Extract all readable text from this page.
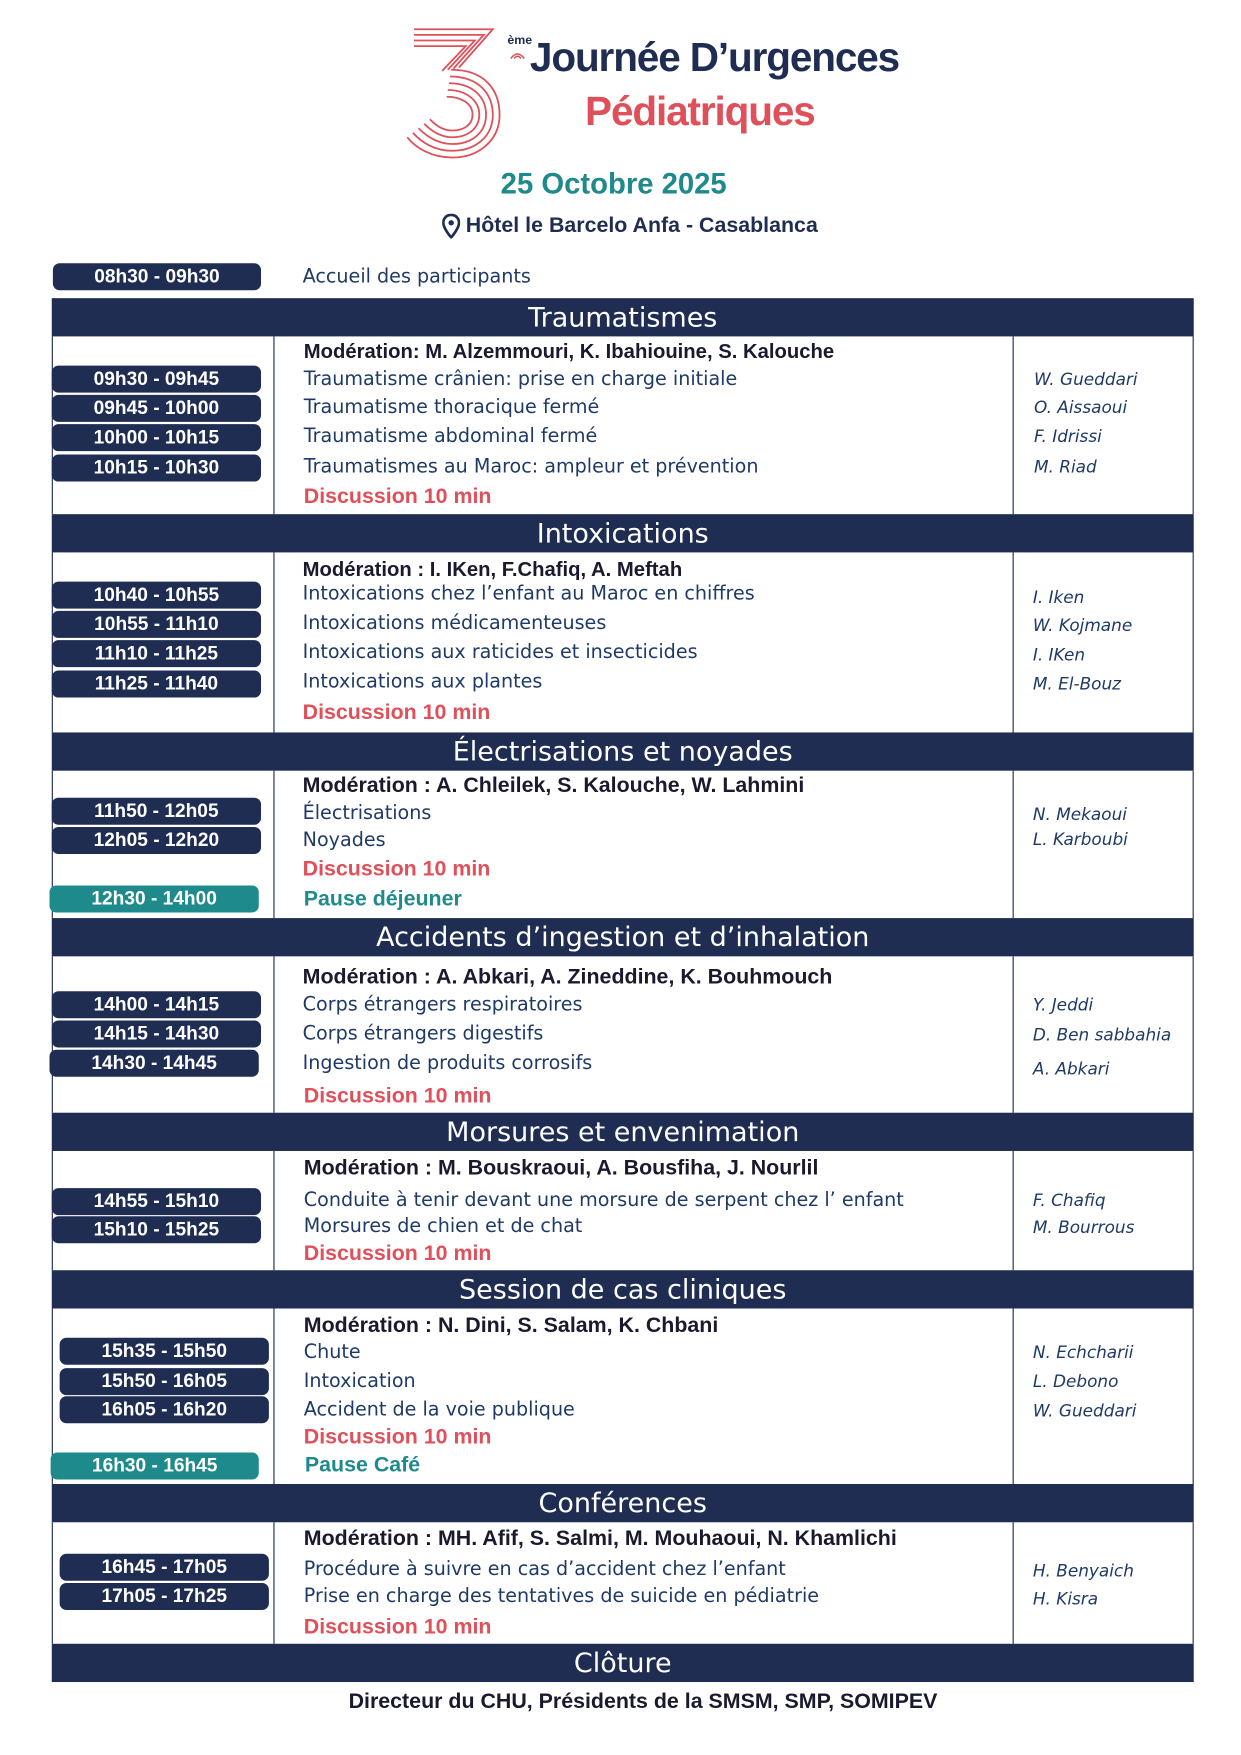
ème
Journée D’urgences
Pédiatriques
25 Octobre 2025
Hôtel le Barcelo Anfa - Casablanca
08h30 - 09h30	Accueil des participants
Traumatismes
Modération: M. Alzemmouri, K. Ibahiouine, S. Kalouche
09h30 - 09h45	Traumatisme crânien: prise en charge initiale	W. Gueddari
09h45 - 10h00	Traumatisme thoracique fermé	O. Aissaoui
10h00 - 10h15	Traumatisme abdominal fermé	F. Idrissi
10h15 - 10h30	Traumatismes au Maroc: ampleur et prévention	M. Riad
Discussion 10 min
Intoxications
Modération : I. IKen, F.Chafiq, A. Meftah
10h40 - 10h55	Intoxications chez l’enfant au Maroc en chiffres	I. Iken
10h55 - 11h10	Intoxications médicamenteuses	W. Kojmane
11h10 - 11h25	Intoxications aux raticides et insecticides	I. IKen
11h25 - 11h40	Intoxications aux plantes	M. El-Bouz
Discussion 10 min
Électrisations et noyades
Modération : A. Chleilek, S. Kalouche, W. Lahmini
11h50 - 12h05	Électrisations	N. Mekaoui
12h05 - 12h20	Noyades	L. Karboubi
Discussion 10 min
12h30 - 14h00	Pause déjeuner
Accidents d’ingestion et d’inhalation
Modération : A. Abkari, A. Zineddine, K. Bouhmouch
14h00 - 14h15	Corps étrangers respiratoires	Y. Jeddi
14h15 - 14h30	Corps étrangers digestifs	D. Ben sabbahia
14h30 - 14h45	Ingestion de produits corrosifs	A. Abkari
Discussion 10 min
Morsures et envenimation
Modération : M. Bouskraoui, A. Bousfiha, J. Nourlil
14h55 - 15h10	Conduite à tenir devant une morsure de serpent chez l’ enfant	F. Chafiq
15h10 - 15h25	Morsures de chien et de chat	M. Bourrous
Discussion 10 min
Session de cas cliniques
Modération : N. Dini, S. Salam, K. Chbani
15h35 - 15h50	Chute	N. Echcharii
15h50 - 16h05	Intoxication	L. Debono
16h05 - 16h20	Accident de la voie publique	W. Gueddari
Discussion 10 min
16h30 - 16h45	Pause Café
Conférences
Modération : MH. Afif, S. Salmi, M. Mouhaoui, N. Khamlichi
16h45 - 17h05	Procédure à suivre en cas d’accident chez l’enfant	H. Benyaich
17h05 - 17h25	Prise en charge des tentatives de suicide en pédiatrie	H. Kisra
Discussion 10 min
Clôture
Directeur du CHU, Présidents de la SMSM, SMP, SOMIPEV
